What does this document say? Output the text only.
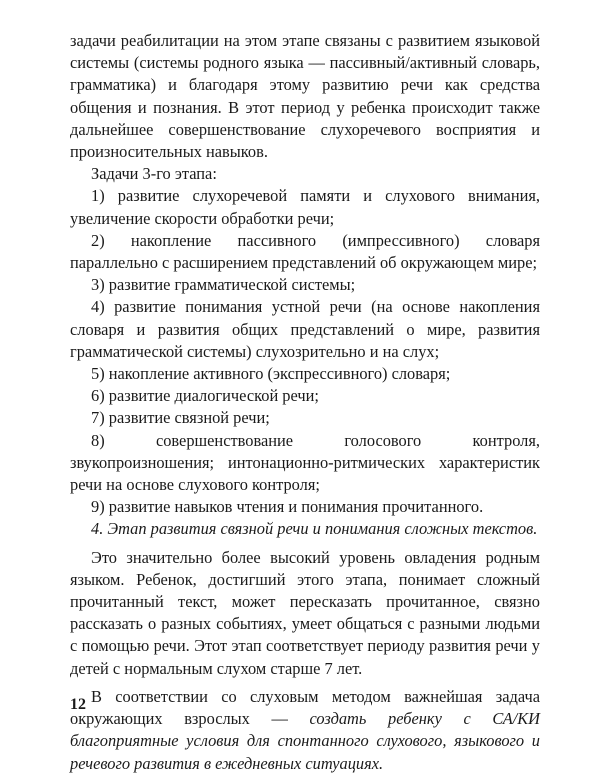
задачи реабилитации на этом этапе связаны с развитием языковой системы (системы родного языка — пассивный/активный словарь, грамматика) и благодаря этому развитию речи как средства общения и познания. В этот период у ребенка происходит также дальнейшее совершенствование слухоречевого восприятия и произносительных навыков.
Задачи 3-го этапа:
1) развитие слухоречевой памяти и слухового внимания, увеличение скорости обработки речи;
2) накопление пассивного (импрессивного) словаря параллельно с расширением представлений об окружающем мире;
3) развитие грамматической системы;
4) развитие понимания устной речи (на основе накопления словаря и развития общих представлений о мире, развития грамматической системы) слухозрительно и на слух;
5) накопление активного (экспрессивного) словаря;
6) развитие диалогической речи;
7) развитие связной речи;
8) совершенствование голосового контроля, звукопроизношения; интонационно-ритмических характеристик речи на основе слухового контроля;
9) развитие навыков чтения и понимания прочитанного.
4. Этап развития связной речи и понимания сложных текстов.
Это значительно более высокий уровень овладения родным языком. Ребенок, достигший этого этапа, понимает сложный прочитанный текст, может пересказать прочитанное, связно рассказать о разных событиях, умеет общаться с разными людьми с помощью речи. Этот этап соответствует периоду развития речи у детей с нормальным слухом старше 7 лет.
В соответствии со слуховым методом важнейшая задача окружающих взрослых — создать ребенку с СА/КИ благоприятные условия для спонтанного слухового, языкового и речевого развития в ежедневных ситуациях.
12
